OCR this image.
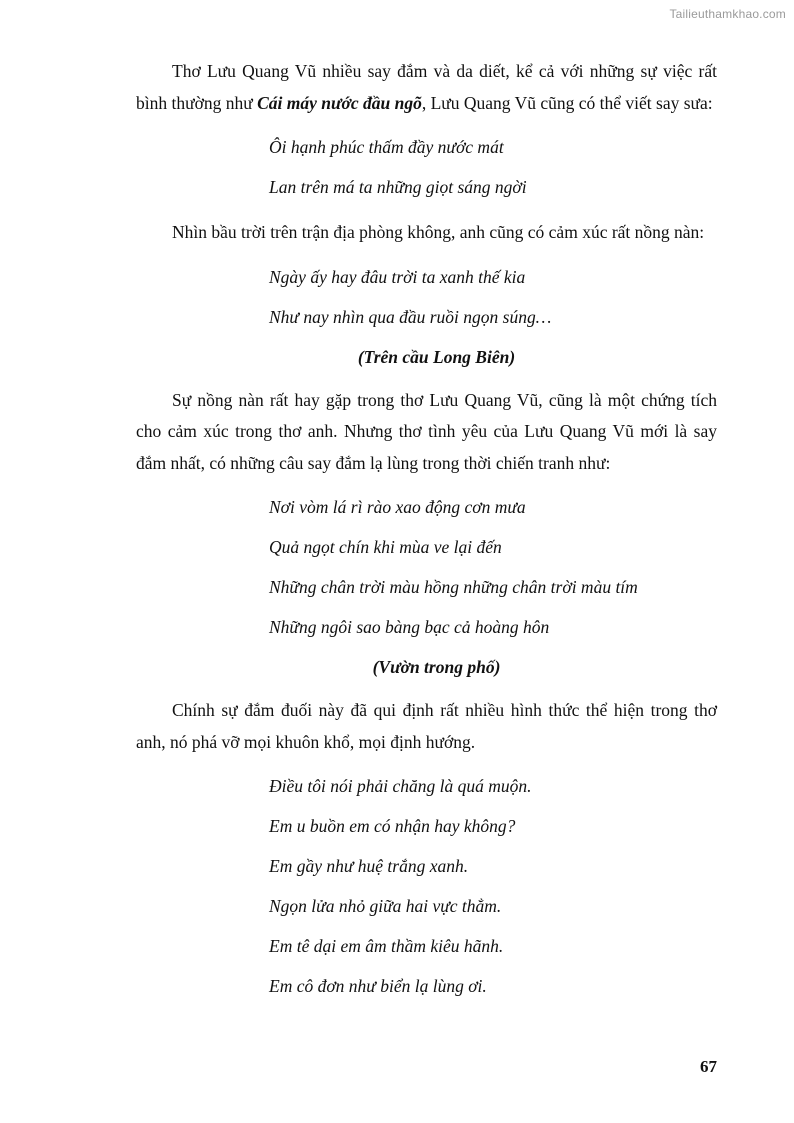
Tailieuthamkhao.com

Thơ Lưu Quang Vũ nhiều say đắm và da diết, kể cả với những sự việc rất bình thường như Cái máy nước đầu ngõ, Lưu Quang Vũ cũng có thể viết say sưa:

Ôi hạnh phúc thấm đầy nước mát

Lan trên má ta những giọt sáng ngời

Nhìn bầu trời trên trận địa phòng không, anh cũng có cảm xúc rất nồng nàn:

Ngày ấy hay đâu trời ta xanh thế kia

Như nay nhìn qua đầu ruồi ngọn súng…

(Trên cầu Long Biên)

Sự nồng nàn rất hay gặp trong thơ Lưu Quang Vũ, cũng là một chứng tích cho cảm xúc trong thơ anh. Nhưng thơ tình yêu của Lưu Quang Vũ mới là say đắm nhất, có những câu say đắm lạ lùng trong thời chiến tranh như:

Nơi vòm lá rì rào xao động cơn mưa

Quả ngọt chín khi mùa ve lại đến

Những chân trời màu hồng những chân trời màu tím

Những ngôi sao bàng bạc cả hoàng hôn

(Vườn trong phố)

Chính sự đắm đuối này đã qui định rất nhiều hình thức thể hiện trong thơ anh, nó phá vỡ mọi khuôn khổ, mọi định hướng.

Điều tôi nói phải chăng là quá muộn.

Em u buồn em có nhận hay không?

Em gầy như huệ trắng xanh.

Ngọn lửa nhỏ giữa hai vực thẳm.

Em tê dại em âm thầm kiêu hãnh.

Em cô đơn như biển lạ lùng ơi.

67
